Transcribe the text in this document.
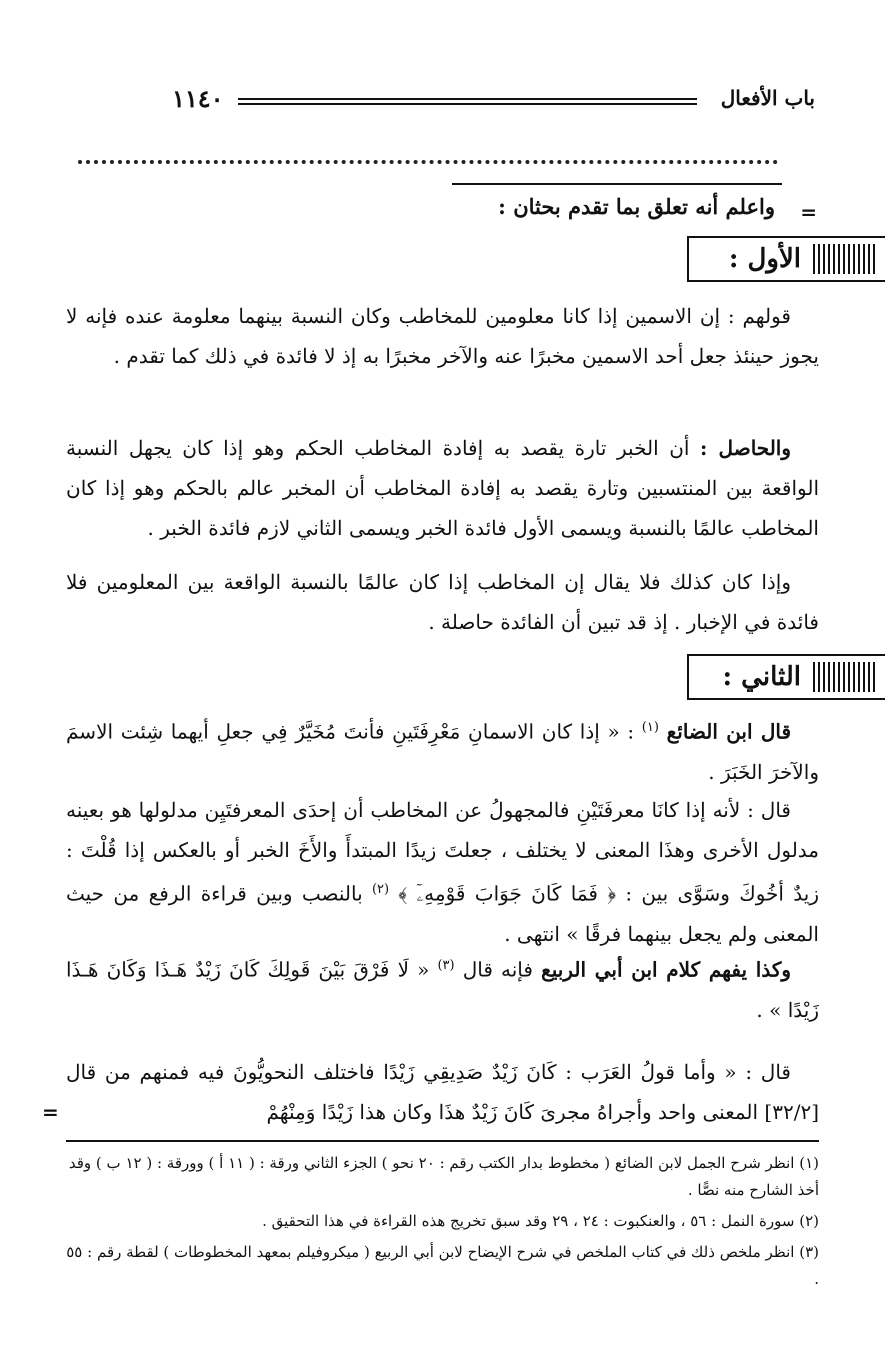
باب الأفعال
١١٤٠
=
واعلم أنه تعلق بما تقدم بحثان :
الأول :

قولهم : إن الاسمين إذا كانا معلومين للمخاطب وكان النسبة بينهما معلومة عنده فإنه لا يجوز حينئذ جعل أحد الاسمين مخبرًا عنه والآخر مخبرًا به إذ لا فائدة في ذلك كما تقدم .

والحاصل : أن الخبر تارة يقصد به إفادة المخاطب الحكم وهو إذا كان يجهل النسبة الواقعة بين المنتسبين وتارة يقصد به إفادة المخاطب أن المخبر عالم بالحكم وهو إذا كان المخاطب عالمًا بالنسبة ويسمى الأول فائدة الخبر ويسمى الثاني لازم فائدة الخبر .

وإذا كان كذلك فلا يقال إن المخاطب إذا كان عالمًا بالنسبة الواقعة بين المعلومين فلا فائدة في الإخبار . إذ قد تبين أن الفائدة حاصلة .

الثاني :

قال ابن الضائع $^{(١)}$ : « إذا كان الاسمانِ مَعْرِفَتَينِ فأنتَ مُخَيَّرٌ فِي جعلِ أيهما شِئت الاسمَ والآخرَ الخَبَرَ .

قال : لأنه إذا كانَا معرفَتَيْنِ فالمجهولُ عن المخاطب أن إحدَى المعرفتَيِن مدلولها هو بعينه مدلول الأخرى وهذَا المعنى لا يختلف ، جعلتَ زيدًا المبتدأَ والأَخَ الخبر أو بالعكس إذا قُلْتَ : زيدٌ أخُوكَ وسَوَّى بين : ﴿ فَمَا كَانَ جَوَابَ قَوْمِهِۦٓ ﴾ $^{(٢)}$ بالنصب وبين قراءة الرفع من حيث المعنى ولم يجعل بينهما فرقًا » انتهى .

وكذا يفهم كلام ابن أبي الربيع فإنه قال $^{(٣)}$ « لَا فَرْقَ بَيْنَ قَولِكَ كَانَ زَيْدٌ هَـذَا وَكَانَ هَـذَا زَيْدًا » .

قال : « وأما قولُ العَرَب : كَانَ زَيْدٌ صَدِيقِي زَيْدًا فاختلف النحويُّونَ فيه فمنهم من قال [٣٢/٢] المعنى واحد وأجراهُ مجرىَ كَانَ زَيْدٌ هذَا وكان هذا زَيْدًا وَمِنْهُمْ

=
(١) انظر شرح الجمل لابن الضائع ( مخطوط بدار الكتب رقم : ٢٠ نحو ) الجزء الثاني ورقة : ( ١١ أ ) وورقة : ( ١٢ ب ) وقد أخذ الشارح منه نصًّا .
(٢) سورة النمل : ٥٦ ، والعنكبوت : ٢٤ ، ٢٩ وقد سبق تخريج هذه القراءة في هذا التحقيق .
(٣) انظر ملخص ذلك في كتاب الملخص في شرح الإيضاح لابن أبي الربيع ( ميكروفيلم بمعهد المخطوطات ) لقطة رقم : ٥٥ .
